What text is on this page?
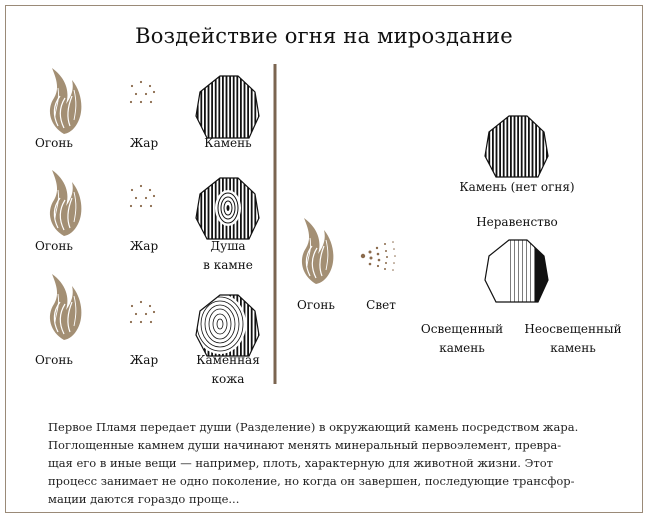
Воздействие огня на мироздание
Огонь	Жар	Камень
Огонь	Жар	Душа
в камне
Огонь	Жар	Каменная
кожа
Камень (нет огня)
Неравенство
Огонь	Свет
Освещенный
камень
Неосвещенный
камень
Первое Пламя передает души (Разделение) в окружающий камень посредством жара.
Поглощенные камнем души начинают менять минеральный первоэлемент, превра-
щая его в иные вещи — например, плоть, характерную для животной жизни. Этот
процесс занимает не одно поколение, но когда он завершен, последующие трансфор-
мации даются гораздо проще...
